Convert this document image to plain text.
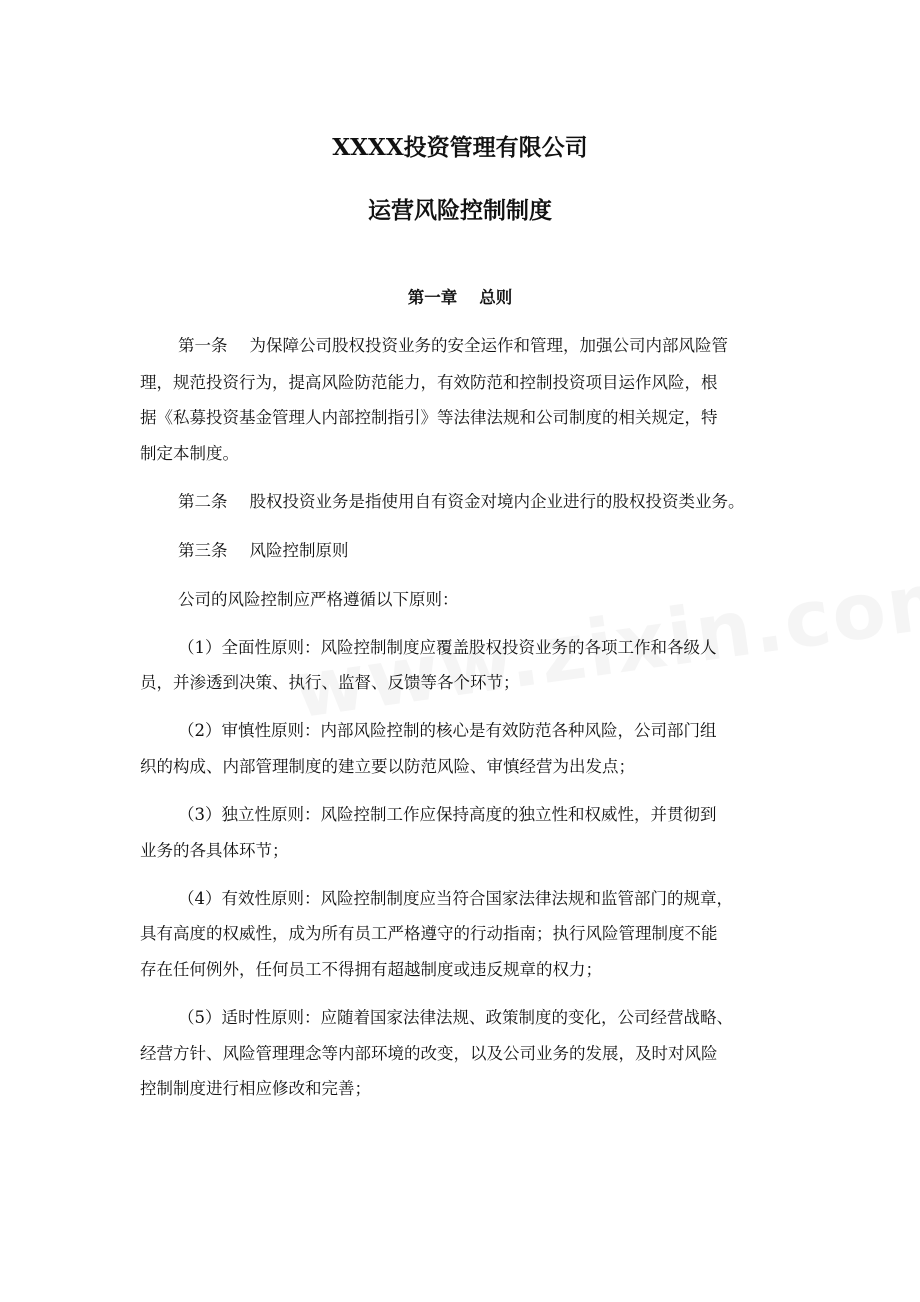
XXXX投资管理有限公司
运营风险控制制度
第一章 总则
第一条 为保障公司股权投资业务的安全运作和管理，加强公司内部风险管
理，规范投资行为，提高风险防范能力，有效防范和控制投资项目运作风险，根
据《私募投资基金管理人内部控制指引》等法律法规和公司制度的相关规定，特
制定本制度。
第二条 股权投资业务是指使用自有资金对境内企业进行的股权投资类业务。
第三条 风险控制原则
公司的风险控制应严格遵循以下原则：
（1）全面性原则：风险控制制度应覆盖股权投资业务的各项工作和各级人
员，并渗透到决策、执行、监督、反馈等各个环节；
（2）审慎性原则：内部风险控制的核心是有效防范各种风险，公司部门组
织的构成、内部管理制度的建立要以防范风险、审慎经营为出发点；
（3）独立性原则：风险控制工作应保持高度的独立性和权威性，并贯彻到
业务的各具体环节；
（4）有效性原则：风险控制制度应当符合国家法律法规和监管部门的规章，
具有高度的权威性，成为所有员工严格遵守的行动指南；执行风险管理制度不能
存在任何例外，任何员工不得拥有超越制度或违反规章的权力；
（5）适时性原则：应随着国家法律法规、政策制度的变化，公司经营战略、
经营方针、风险管理理念等内部环境的改变，以及公司业务的发展，及时对风险
控制制度进行相应修改和完善；
